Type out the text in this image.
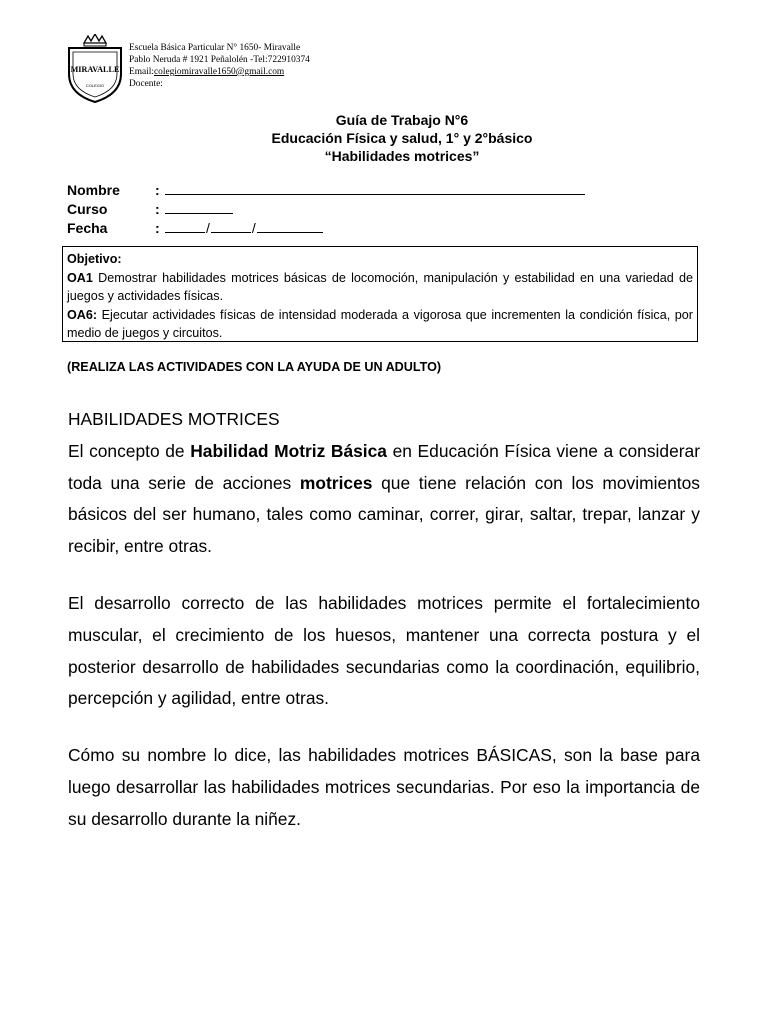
MIRAVALLE
COLEGIO
Escuela Básica Particular N° 1650- Miravalle
Pablo Neruda # 1921 Peñalolén -Tel:722910374
Email:colegiomiravalle1650@gmail.com
Docente:
Guía de Trabajo N°6
Educación Física y salud, 1° y 2°básico
“Habilidades motrices”
Nombre	:
Curso	:
Fecha	:	/	/
Objetivo:
OA1 Demostrar habilidades motrices básicas de locomoción, manipulación y estabilidad en una variedad de juegos y actividades físicas.
OA6: Ejecutar actividades físicas de intensidad moderada a vigorosa que incrementen la condición física, por medio de juegos y circuitos.
(REALIZA LAS ACTIVIDADES CON LA AYUDA DE UN ADULTO)

HABILIDADES MOTRICES

El concepto de Habilidad Motriz Básica en Educación Física viene a considerar toda una serie de acciones motrices que tiene relación con los movimientos básicos del ser humano, tales como caminar, correr, girar, saltar, trepar, lanzar y recibir, entre otras.

El desarrollo correcto de las habilidades motrices permite el fortalecimiento muscular, el crecimiento de los huesos, mantener una correcta postura y el posterior desarrollo de habilidades secundarias como la coordinación, equilibrio, percepción y agilidad, entre otras.

Cómo su nombre lo dice, las habilidades motrices BÁSICAS, son la base para luego desarrollar las habilidades motrices secundarias. Por eso la importancia de su desarrollo durante la niñez.
